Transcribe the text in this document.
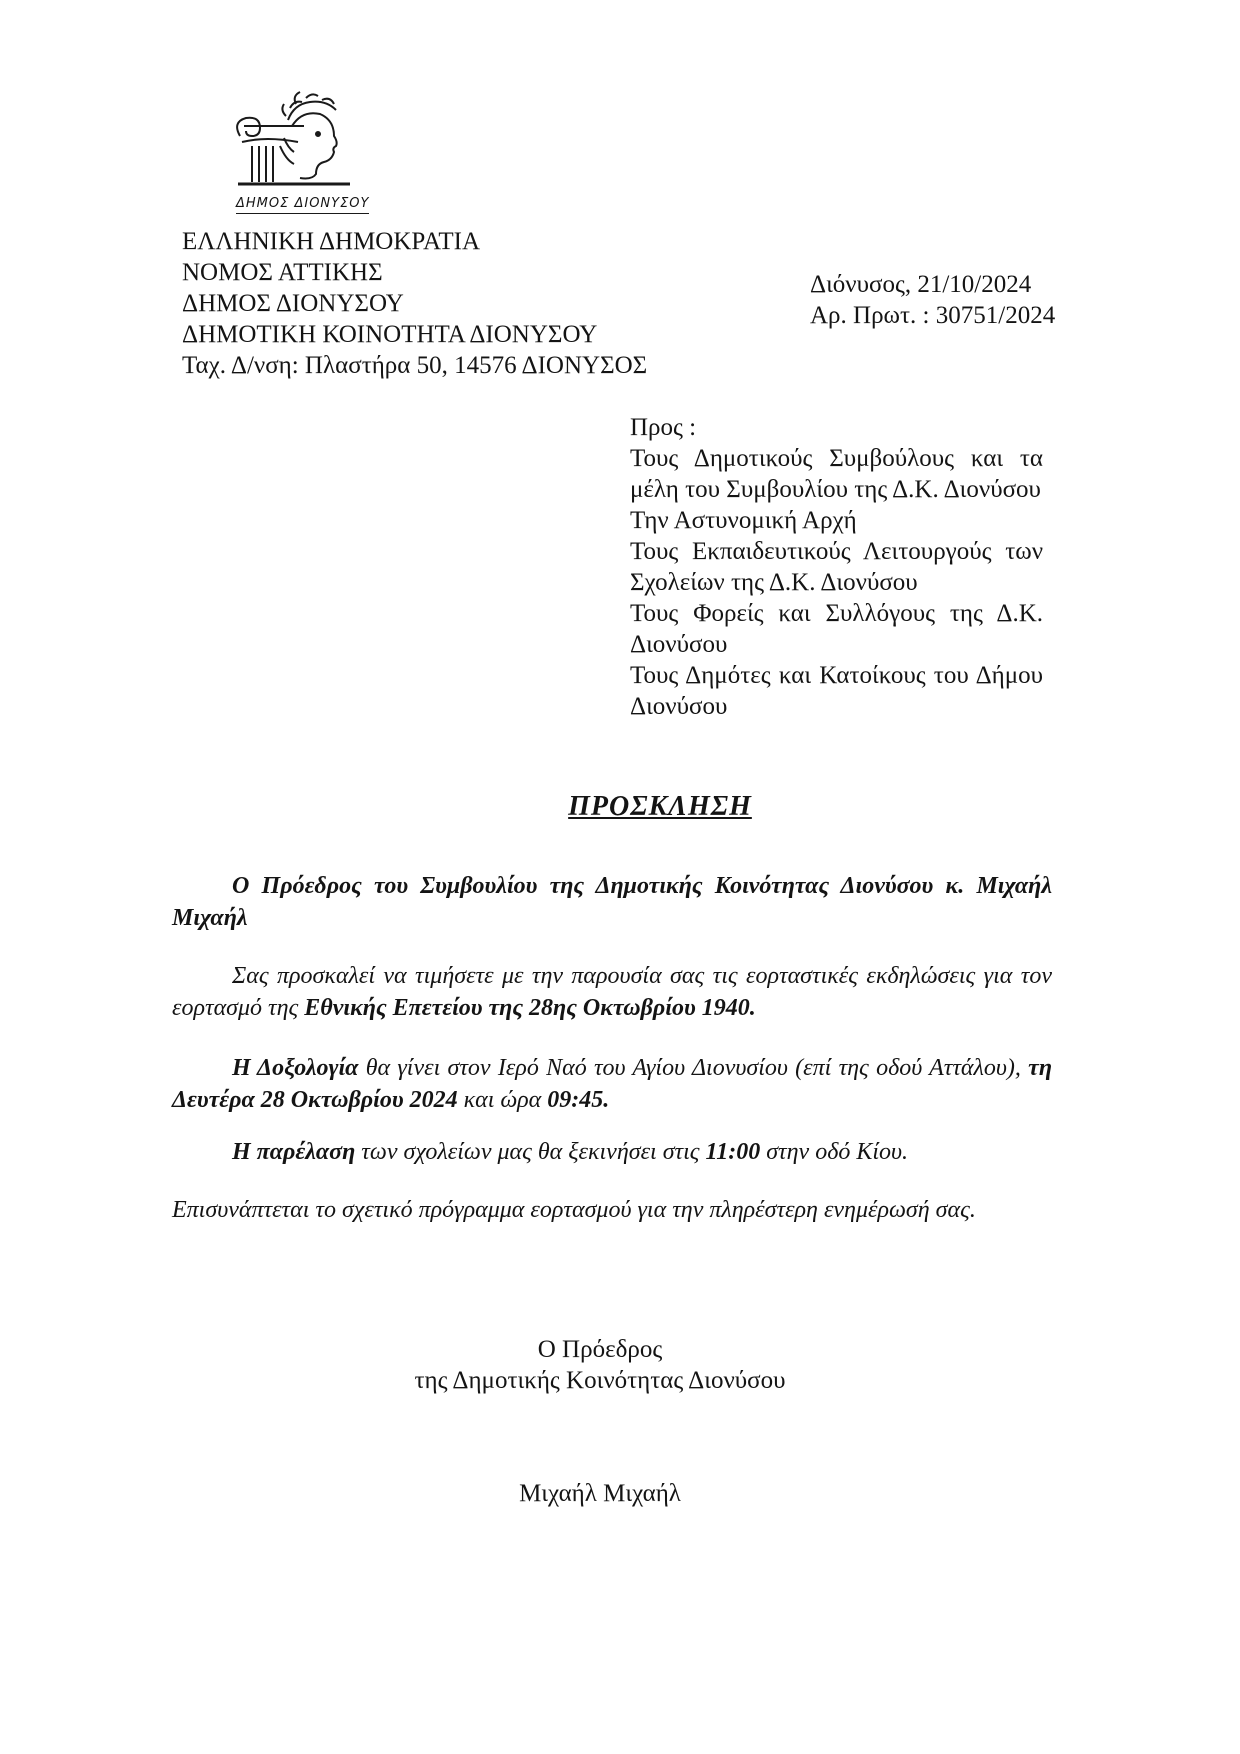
ΔΗΜΟΣ ΔΙΟΝΥΣΟΥ
ΕΛΛΗΝΙΚΗ ΔΗΜΟΚΡΑΤΙΑ
ΝΟΜΟΣ ΑΤΤΙΚΗΣ
ΔΗΜΟΣ ΔΙΟΝΥΣΟΥ
ΔΗΜΟΤΙΚΗ ΚΟΙΝΟΤΗΤΑ ΔΙΟΝΥΣΟΥ
Ταχ. Δ/νση: Πλαστήρα 50, 14576 ΔΙΟΝΥΣΟΣ
Διόνυσος, 21/10/2024
Αρ. Πρωτ. : 30751/2024
Προς :
Τους Δημοτικούς Συμβούλους και τα
μέλη του Συμβουλίου της Δ.Κ. Διονύσου
Την Αστυνομική Αρχή
Τους Εκπαιδευτικούς Λειτουργούς των
Σχολείων της Δ.Κ. Διονύσου
Τους Φορείς και Συλλόγους της Δ.Κ.
Διονύσου
Τους Δημότες και Κατοίκους του Δήμου
Διονύσου
ΠΡΟΣΚΛΗΣΗ
Ο Πρόεδρος του Συμβουλίου της Δημοτικής Κοινότητας Διονύσου κ. Μιχαήλ Μιχαήλ
Σας προσκαλεί να τιμήσετε με την παρουσία σας τις εορταστικές εκδηλώσεις για τον εορτασμό της Εθνικής Επετείου της 28ης Οκτωβρίου 1940.
Η Δοξολογία θα γίνει στον Ιερό Ναό του Αγίου Διονυσίου (επί της οδού Αττάλου), τη Δευτέρα 28 Οκτωβρίου 2024 και ώρα 09:45.
Η παρέλαση των σχολείων μας θα ξεκινήσει στις 11:00 στην οδό Κίου.
Επισυνάπτεται το σχετικό πρόγραμμα εορτασμού για την πληρέστερη ενημέρωσή σας.
Ο Πρόεδρος
της Δημοτικής Κοινότητας Διονύσου
Μιχαήλ Μιχαήλ
